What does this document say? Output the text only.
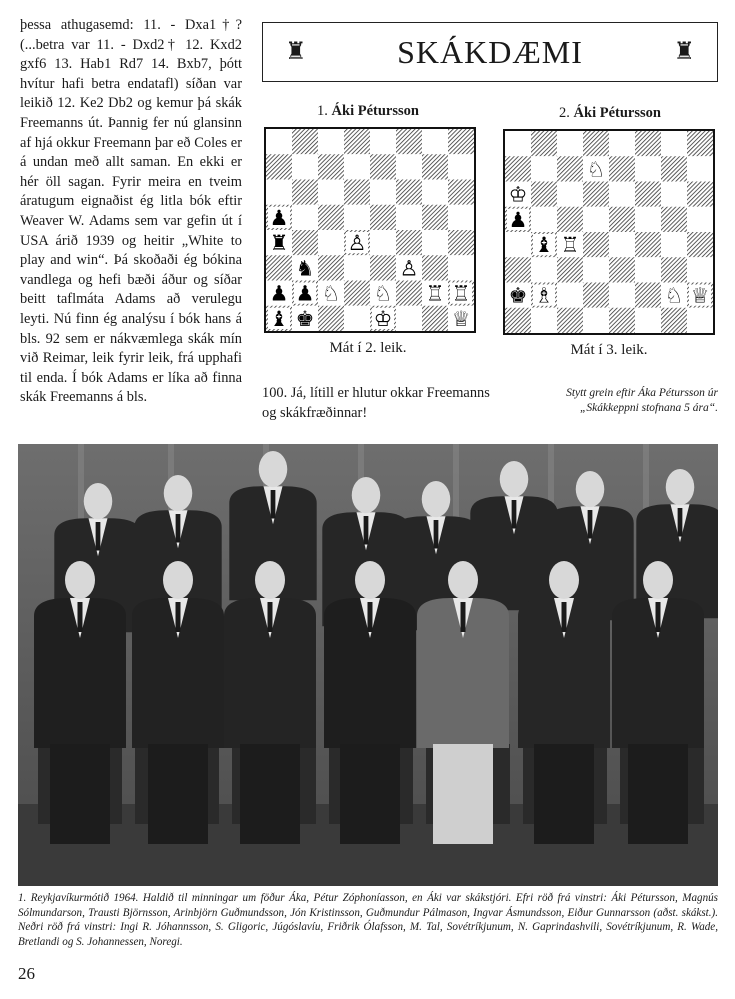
þessa athugasemd: 11. - Dxa1†? (...betra var 11. - Dxd2† 12. Kxd2 gxf6 13. Hab1 Rd7 14. Bxb7, þótt hvítur hafi betra endatafl) síðan var leikið 12. Ke2 Db2 og kemur þá skák Freemanns út. Þannig fer nú glansinn af hjá okkur Freemann þar eð Coles er á undan með allt saman. En ekki er hér öll sagan. Fyrir meira en tveim áratugum eignaðist ég litla bók eftir Weaver W. Adams sem var gefin út í USA árið 1939 og heitir „White to play and win“. Þá skoðaði ég bókina vandlega og hefi bæði áður og síðar beitt taflmáta Adams að verulegu leyti. Nú finn ég analýsu í bók hans á bls. 92 sem er nákvæmlega skák mín við Reimar, leik fyrir leik, frá upphafi til enda. Í bók Adams er líka að finna skák Freemanns á bls.

♜	SKÁKDÆMI	♜
1. Áki Pétursson
♟
♜	♙
♞	♙
♟ ♟ ♘ ♘ ♖ ♖
♝ ♚	♔	♕
Mát í 2. leik.
2. Áki Pétursson
♘
♔
♟
♝ ♖
♚ ♗	♘ ♕
Mát í 3. leik.
100. Já, lítill er hlutur okkar Freemanns og skákfræðinnar!
Stytt grein eftir Áka Pétursson úr „Skákkeppni stofnana 5 ára“.
1. Reykjavíkurmótið 1964. Haldið til minningar um föður Áka, Pétur Zóphoníasson, en Áki var skákstjóri. Efri röð frá vinstri: Áki Pétursson, Magnús Sólmundarson, Trausti Björnsson, Arinbjörn Guðmundsson, Jón Kristinsson, Guðmundur Pálmason, Ingvar Ásmundsson, Eiður Gunnarsson (aðst. skákst.). Neðri röð frá vinstri: Ingi R. Jóhannsson, S. Gligoric, Júgóslavíu, Friðrik Ólafsson, M. Tal, Sovétríkjunum, N. Gaprindashvili, Sovétríkjunum, R. Wade, Bretlandi og S. Johannessen, Noregi.
26
